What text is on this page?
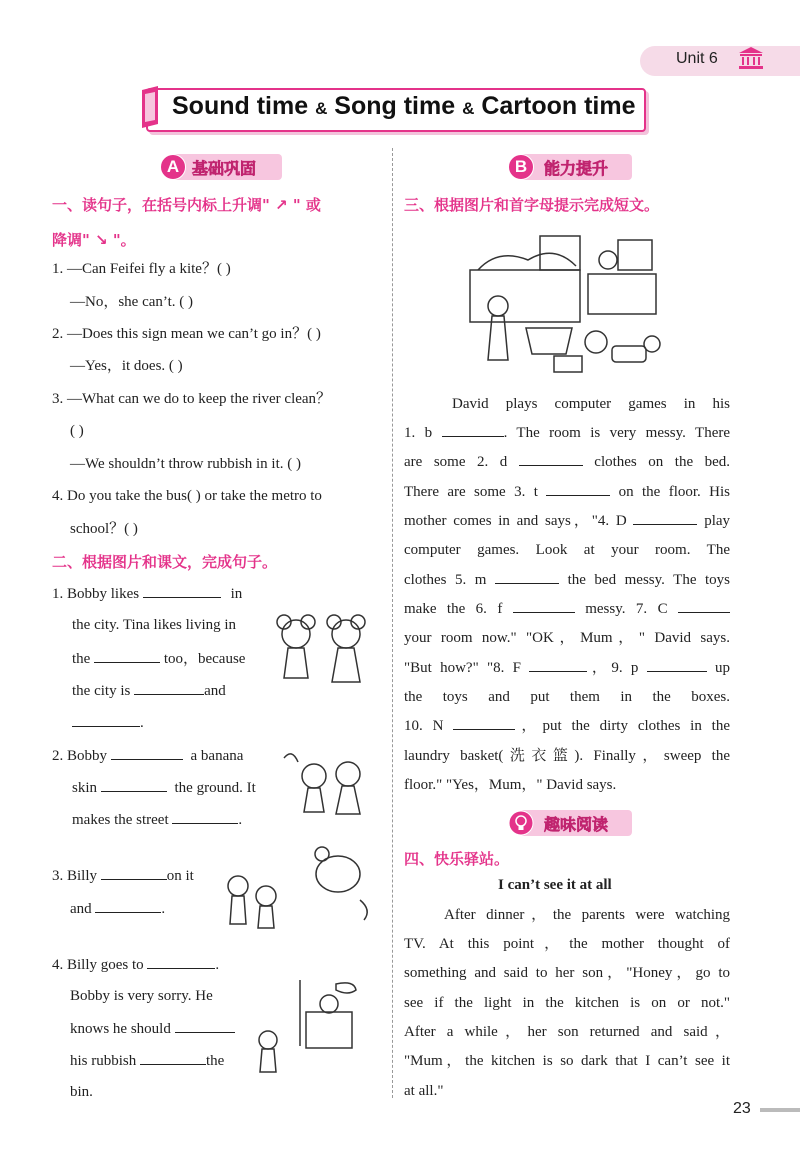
Unit 6
Sound time & Song time & Cartoon time
A 基础巩固	B	能力提升
一、读句子，在括号内标上升调" ↗ " 或
降调" ↘ "。
1. —Can Feifei fly a kite？( )
—No，she can’t. ( )
2. —Does this sign mean we can’t go in？( )
—Yes，it does. ( )
3. —What can we do to keep the river clean？
( )
—We shouldn’t throw rubbish in it. ( )
4. Do you take the bus( ) or take the metro to
school？( )
二、根据图片和课文，完成句子。
1. Bobby likes	in
the city. Tina likes living in
the	too，because
the city is	and
.
2. Bobby	a banana
skin	the ground. It
makes the street	.
3. Billy	on it
and	.
4. Billy goes to	.
Bobby is very sorry. He
knows he should
his rubbish	the
bin.
三、根据图片和首字母提示完成短文。
David plays computer games in his
1. b	. The room is very messy. There
are some 2. d	clothes on the bed.
There are some 3. t	on the floor. His
mother comes in and says，"4. D	play
computer games. Look at your room. The
clothes 5. m	the bed messy. The toys
make the 6. f	messy. 7. C
your room now." "OK，Mum，" David says.
"But how?" "8. F	，9. p	up
the toys and put them in the boxes.
10. N	，put the dirty clothes in the
laundry basket(洗衣篮). Finally，sweep the
floor." "Yes，Mum，" David says.
趣味阅读
四、快乐驿站。
I can’t see it at all
After dinner，the parents were watching
TV. At this point，the mother thought of
something and said to her son，"Honey，go to
see if the light in the kitchen is on or not."
After a while，her son returned and said，
"Mum，the kitchen is so dark that I can’t see it
at all."
23
